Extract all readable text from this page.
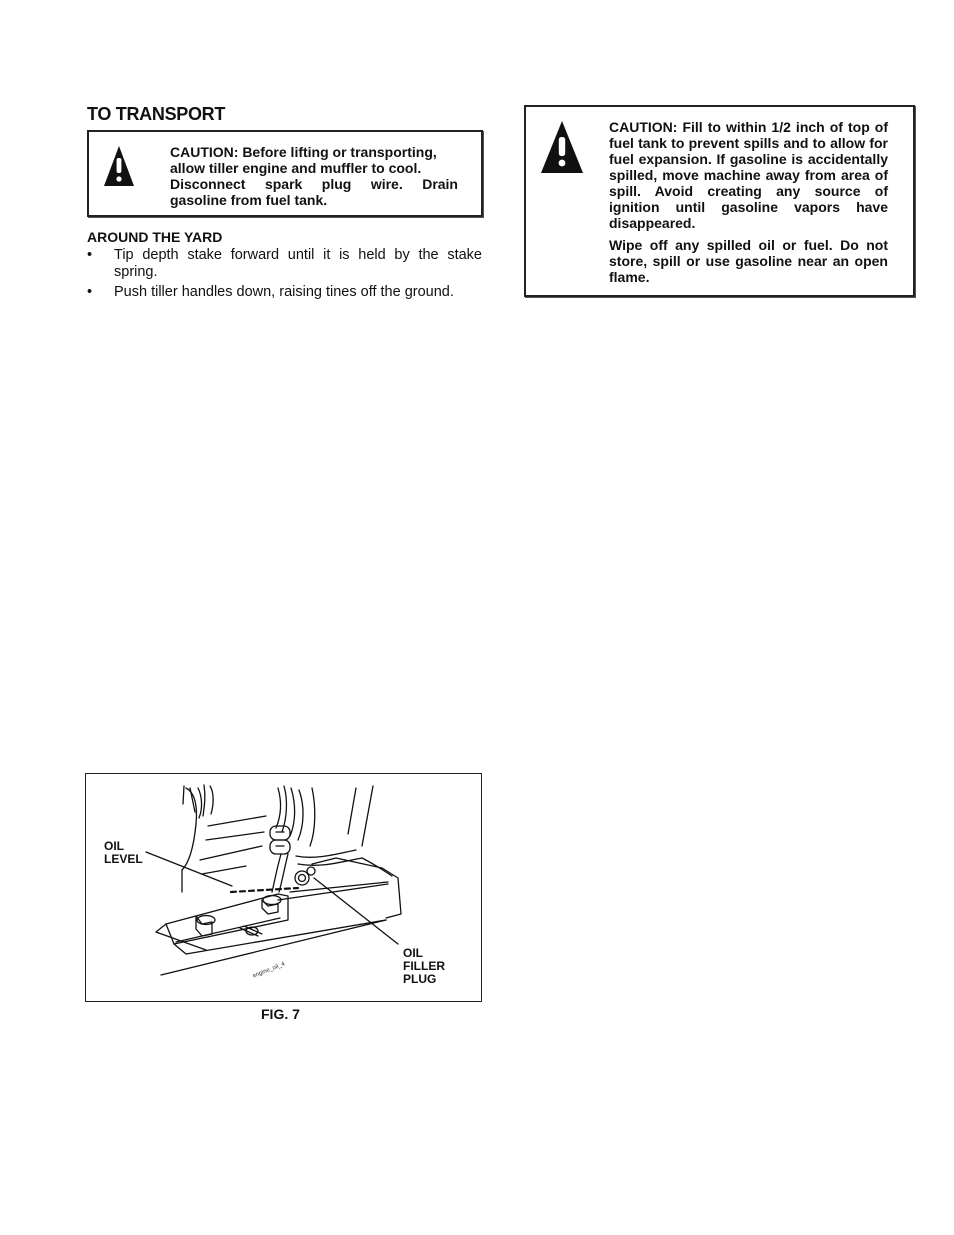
TO TRANSPORT
CAUTION: Before lifting or transporting,
allow tiller engine and muffler to cool.
Disconnect spark plug wire. Drain
gasoline from fuel tank.
AROUND THE YARD
• Tip depth stake forward until it is held by the stake spring.
• Push tiller handles down, raising tines off the ground.

CAUTION: Fill to within 1/2 inch of top of fuel tank to prevent spills and to allow for fuel expansion. If gasoline is accidentally spilled, move machine away from area of spill. Avoid creating any source of ignition until gasoline vapors have disappeared.

Wipe off any spilled oil or fuel. Do not store, spill or use gasoline near an open flame.

OIL
LEVEL
OIL
FILLER
PLUG
engine_oil_4
FIG. 7
